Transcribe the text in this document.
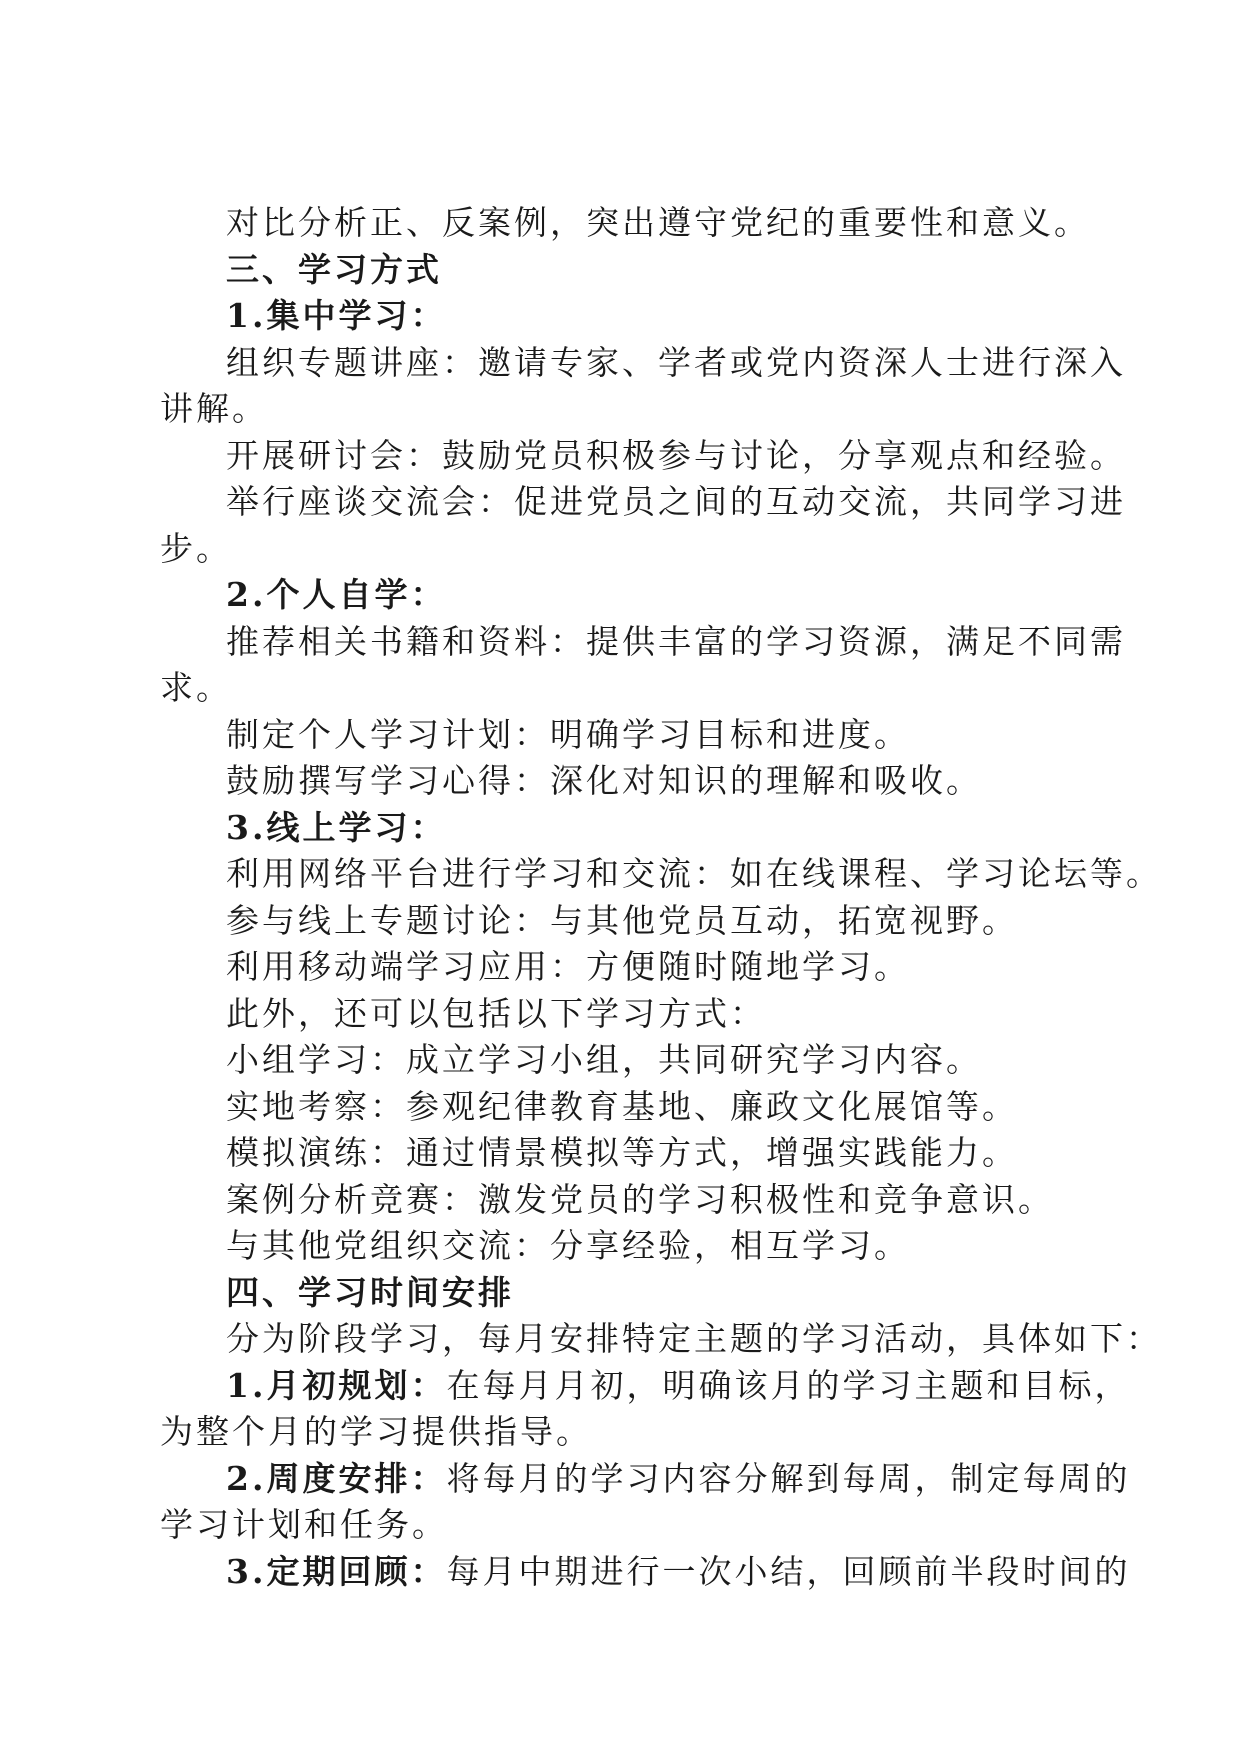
对比分析正、反案例，突出遵守党纪的重要性和意义。

三、学习方式

1.集中学习：

组织专题讲座：邀请专家、学者或党内资深人士进行深入

讲解。

开展研讨会：鼓励党员积极参与讨论，分享观点和经验。

举行座谈交流会：促进党员之间的互动交流，共同学习进

步。

2.个人自学：

推荐相关书籍和资料：提供丰富的学习资源，满足不同需

求。

制定个人学习计划：明确学习目标和进度。

鼓励撰写学习心得：深化对知识的理解和吸收。

3.线上学习：

利用网络平台进行学习和交流：如在线课程、学习论坛等。

参与线上专题讨论：与其他党员互动，拓宽视野。

利用移动端学习应用：方便随时随地学习。

此外，还可以包括以下学习方式：

小组学习：成立学习小组，共同研究学习内容。

实地考察：参观纪律教育基地、廉政文化展馆等。

模拟演练：通过情景模拟等方式，增强实践能力。

案例分析竞赛：激发党员的学习积极性和竞争意识。

与其他党组织交流：分享经验，相互学习。

四、学习时间安排

分为阶段学习，每月安排特定主题的学习活动，具体如下：

1.月初规划：在每月月初，明确该月的学习主题和目标，

为整个月的学习提供指导。

2.周度安排：将每月的学习内容分解到每周，制定每周的

学习计划和任务。

3.定期回顾：每月中期进行一次小结，回顾前半段时间的
